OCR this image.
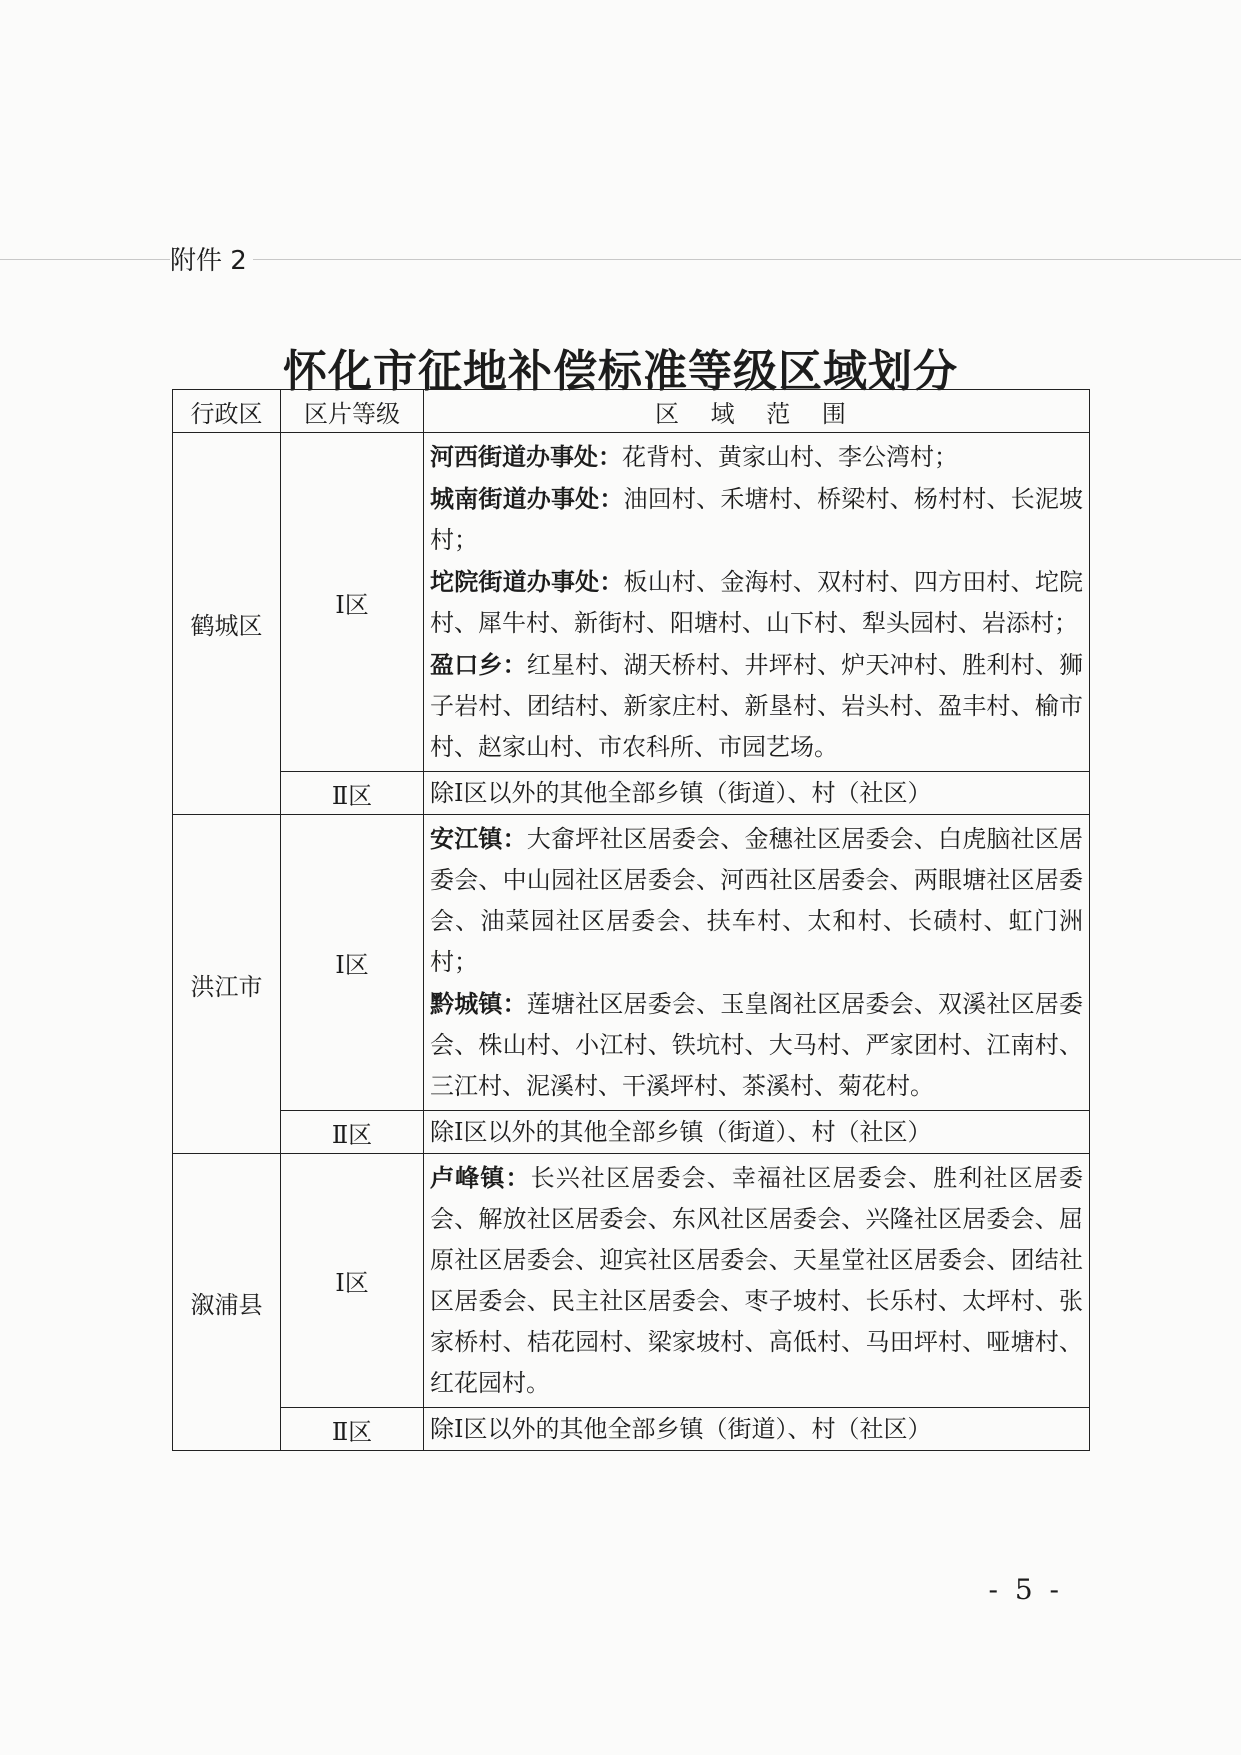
附件 2
怀化市征地补偿标准等级区域划分
行政区	区片等级	区 域 范 围
鹤城区	Ⅰ区	河西街道办事处：花背村、黄家山村、李公湾村；
城南街道办事处：油回村、禾塘村、桥梁村、杨村村、长泥坡村；
坨院街道办事处：板山村、金海村、双村村、四方田村、坨院村、犀牛村、新街村、阳塘村、山下村、犁头园村、岩添村；
盈口乡：红星村、湖天桥村、井坪村、炉天冲村、胜利村、狮子岩村、团结村、新家庄村、新垦村、岩头村、盈丰村、榆市村、赵家山村、市农科所、市园艺场。

	Ⅱ区	除Ⅰ区以外的其他全部乡镇（街道）、村（社区）
洪江市	Ⅰ区	安江镇：大畲坪社区居委会、金穗社区居委会、白虎脑社区居委会、中山园社区居委会、河西社区居委会、两眼塘社区居委会、油菜园社区居委会、扶车村、太和村、长碛村、虹门洲村；
黔城镇：莲塘社区居委会、玉皇阁社区居委会、双溪社区居委会、株山村、小江村、铁坑村、大马村、严家团村、江南村、三江村、泥溪村、干溪坪村、茶溪村、菊花村。

	Ⅱ区	除Ⅰ区以外的其他全部乡镇（街道）、村（社区）
溆浦县	Ⅰ区	卢峰镇：长兴社区居委会、幸福社区居委会、胜利社区居委会、解放社区居委会、东风社区居委会、兴隆社区居委会、屈原社区居委会、迎宾社区居委会、天星堂社区居委会、团结社区居委会、民主社区居委会、枣子坡村、长乐村、太坪村、张家桥村、桔花园村、梁家坡村、高低村、马田坪村、哑塘村、红花园村。

	Ⅱ区	除Ⅰ区以外的其他全部乡镇（街道）、村（社区）
- 5 -
